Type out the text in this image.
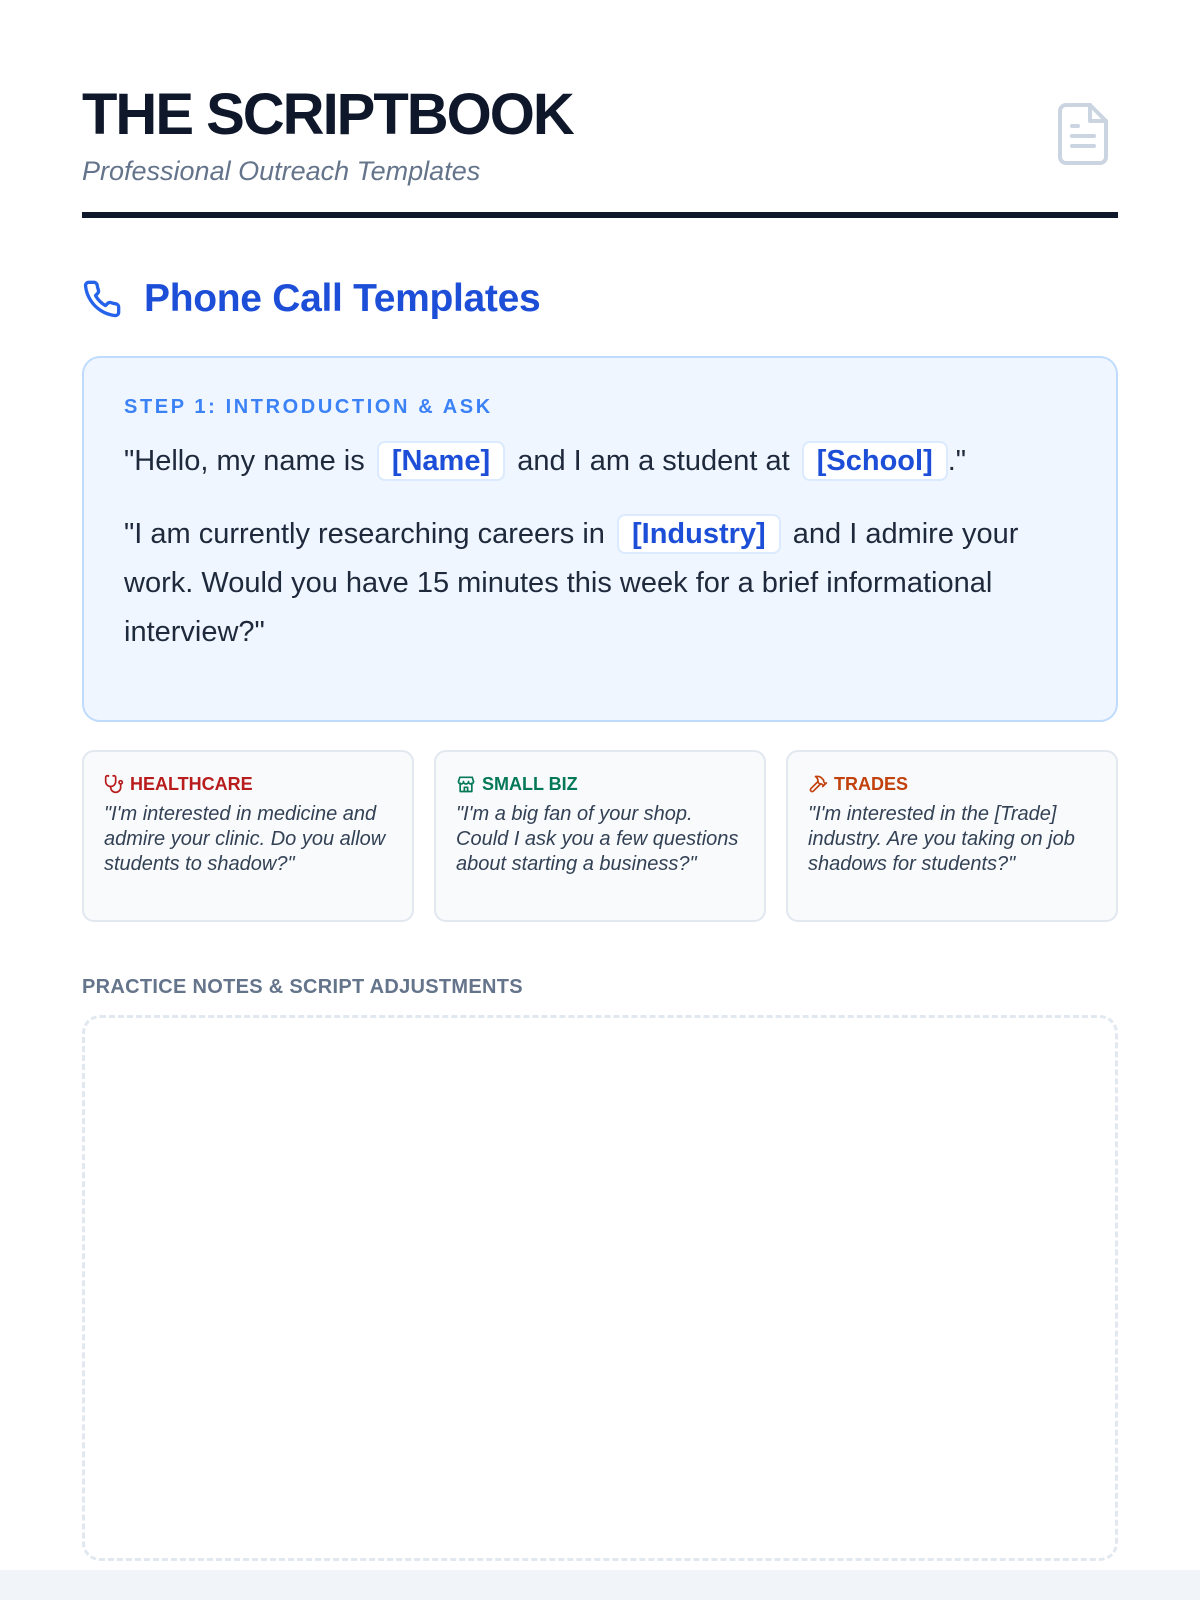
THE SCRIPTBOOK
Professional Outreach Templates
Phone Call Templates
STEP 1: INTRODUCTION & ASK

"Hello, my name is [Name] and I am a student at [School] ."

"I am currently researching careers in [Industry] and I admire your work. Would you have 15 minutes this week for a brief informational interview?"

HEALTHCARE
"I'm interested in medicine and admire your clinic. Do you allow students to shadow?"
SMALL BIZ
"I'm a big fan of your shop. Could I ask you a few questions about starting a business?"
TRADES
"I'm interested in the [Trade] industry. Are you taking on job shadows for students?"
PRACTICE NOTES & SCRIPT ADJUSTMENTS
